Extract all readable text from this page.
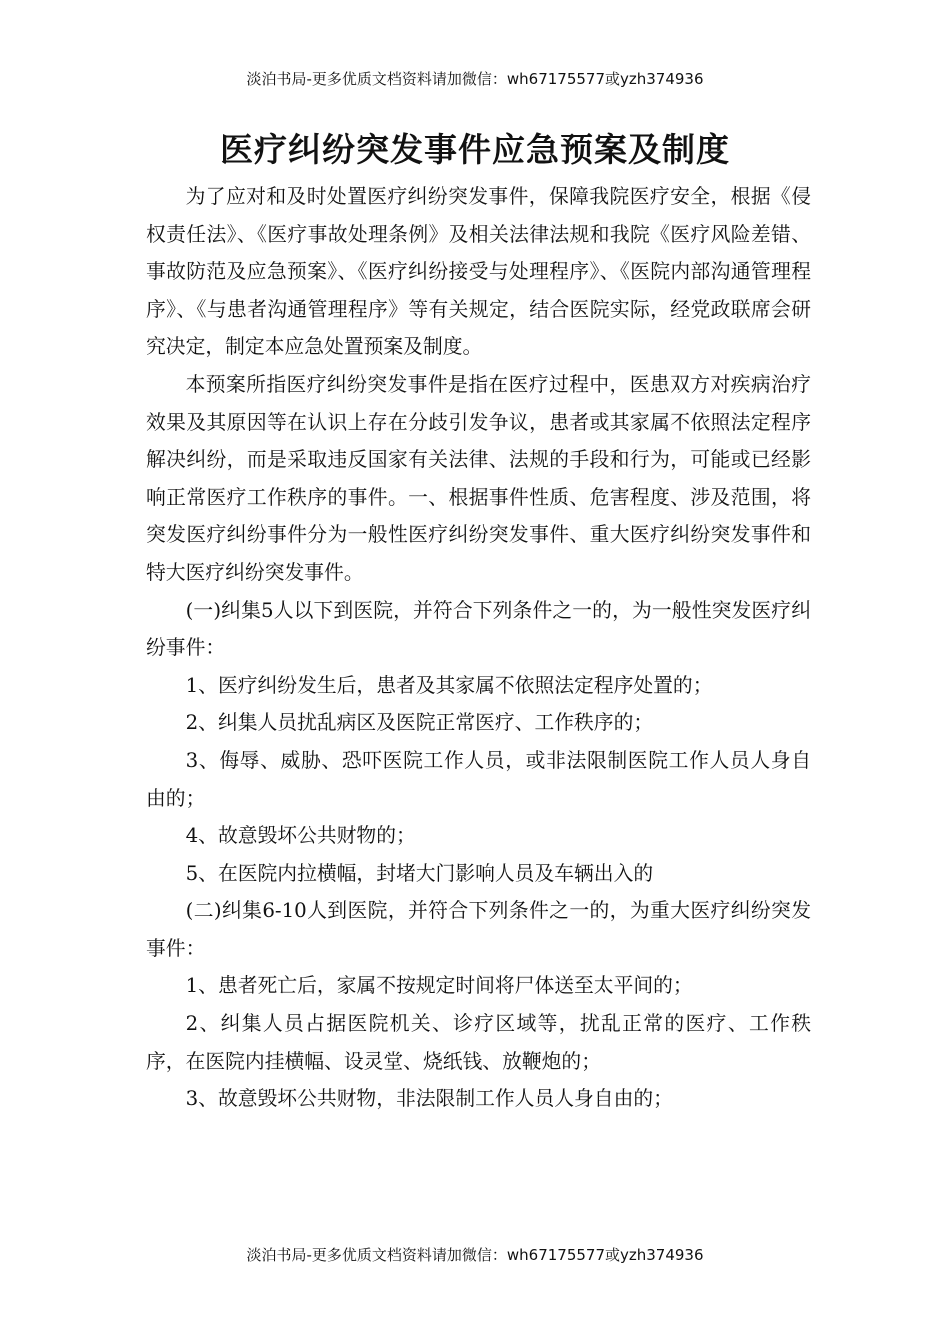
淡泊书局-更多优质文档资料请加微信：wh67175577或yzh374936
医疗纠纷突发事件应急预案及制度

为了应对和及时处置医疗纠纷突发事件，保障我院医疗安全，根据《侵权责任法》、《医疗事故处理条例》及相关法律法规和我院《医疗风险差错、事故防范及应急预案》、《医疗纠纷接受与处理程序》、《医院内部沟通管理程序》、《与患者沟通管理程序》等有关规定，结合医院实际，经党政联席会研究决定，制定本应急处置预案及制度。

本预案所指医疗纠纷突发事件是指在医疗过程中，医患双方对疾病治疗效果及其原因等在认识上存在分歧引发争议，患者或其家属不依照法定程序解决纠纷，而是采取违反国家有关法律、法规的手段和行为，可能或已经影响正常医疗工作秩序的事件。一、根据事件性质、危害程度、涉及范围，将突发医疗纠纷事件分为一般性医疗纠纷突发事件、重大医疗纠纷突发事件和特大医疗纠纷突发事件。

(一)纠集5人以下到医院，并符合下列条件之一的，为一般性突发医疗纠纷事件：

1、医疗纠纷发生后，患者及其家属不依照法定程序处置的；

2、纠集人员扰乱病区及医院正常医疗、工作秩序的；

3、侮辱、威胁、恐吓医院工作人员，或非法限制医院工作人员人身自由的；

4、故意毁坏公共财物的；

5、在医院内拉横幅，封堵大门影响人员及车辆出入的

(二)纠集6-10人到医院，并符合下列条件之一的，为重大医疗纠纷突发事件：

1、患者死亡后，家属不按规定时间将尸体送至太平间的；

2、纠集人员占据医院机关、诊疗区域等，扰乱正常的医疗、工作秩序，在医院内挂横幅、设灵堂、烧纸钱、放鞭炮的；

3、故意毁坏公共财物，非法限制工作人员人身自由的；

淡泊书局-更多优质文档资料请加微信：wh67175577或yzh374936
